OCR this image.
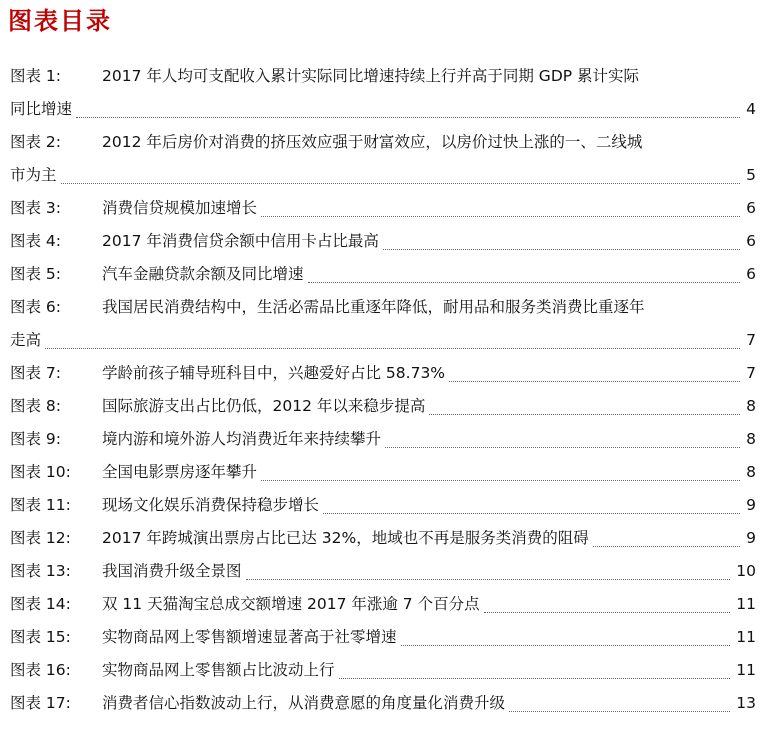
图表目录
图表 1:	2017 年人均可支配收入累计实际同比增速持续上行并高于同期 GDP 累计实际
同比增速	4
图表 2:	2012 年后房价对消费的挤压效应强于财富效应，以房价过快上涨的一、二线城
市为主	5
图表 3:	消费信贷规模加速增长	6
图表 4:	2017 年消费信贷余额中信用卡占比最高	6
图表 5:	汽车金融贷款余额及同比增速	6
图表 6:	我国居民消费结构中，生活必需品比重逐年降低，耐用品和服务类消费比重逐年
走高	7
图表 7:	学龄前孩子辅导班科目中，兴趣爱好占比 58.73%	7
图表 8:	国际旅游支出占比仍低，2012 年以来稳步提高	8
图表 9:	境内游和境外游人均消费近年来持续攀升	8
图表 10: 全国电影票房逐年攀升	8
图表 11: 现场文化娱乐消费保持稳步增长	9
图表 12: 2017 年跨城演出票房占比已达 32%，地域也不再是服务类消费的阻碍	9
图表 13: 我国消费升级全景图	10
图表 14: 双 11 天猫淘宝总成交额增速 2017 年涨逾 7 个百分点	11
图表 15: 实物商品网上零售额增速显著高于社零增速	11
图表 16: 实物商品网上零售额占比波动上行	11
图表 17: 消费者信心指数波动上行，从消费意愿的角度量化消费升级	13
